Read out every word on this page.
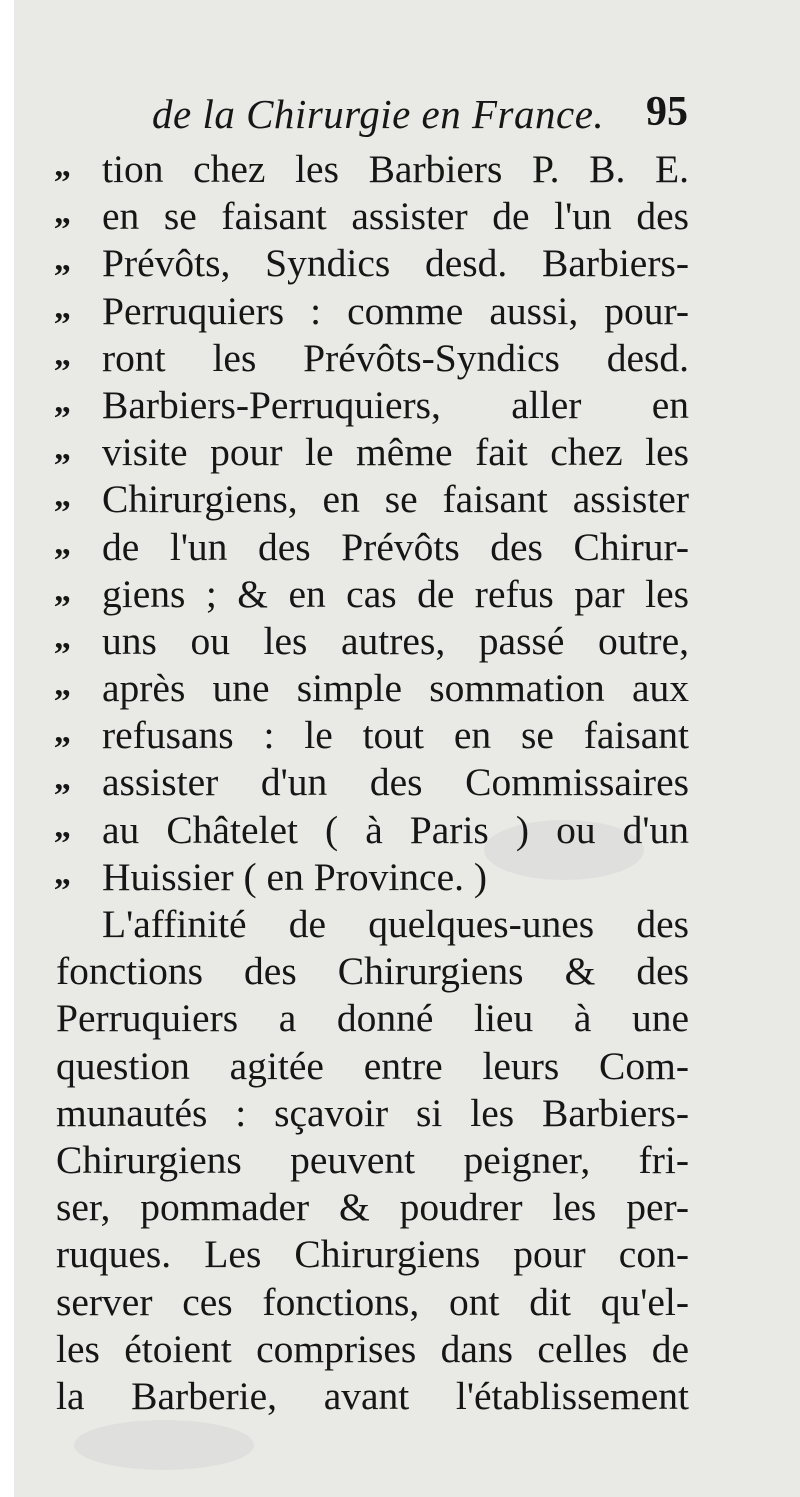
de la Chirurgie en France. 95
„ tion chez les Barbiers P. B. E.
„ en se faisant assister de l'un des
„ Prévôts, Syndics desd. Barbiers-
„ Perruquiers : comme aussi, pour-
„ ront les Prévôts-Syndics desd.
„ Barbiers-Perruquiers, aller en
„ visite pour le même fait chez les
„ Chirurgiens, en se faisant assister
„ de l'un des Prévôts des Chirur-
„ giens ; & en cas de refus par les
„ uns ou les autres, passé outre,
„ après une simple sommation aux
„ refusans : le tout en se faisant
„ assister d'un des Commissaires
„ au Châtelet ( à Paris ) ou d'un
„ Huissier ( en Province. )
L'affinité de quelques-unes des
fonctions des Chirurgiens & des
Perruquiers a donné lieu à une
question agitée entre leurs Com-
munautés : sçavoir si les Barbiers-
Chirurgiens peuvent peigner, fri-
ser, pommader & poudrer les per-
ruques. Les Chirurgiens pour con-
server ces fonctions, ont dit qu'el-
les étoient comprises dans celles de
la Barberie, avant l'établissement
